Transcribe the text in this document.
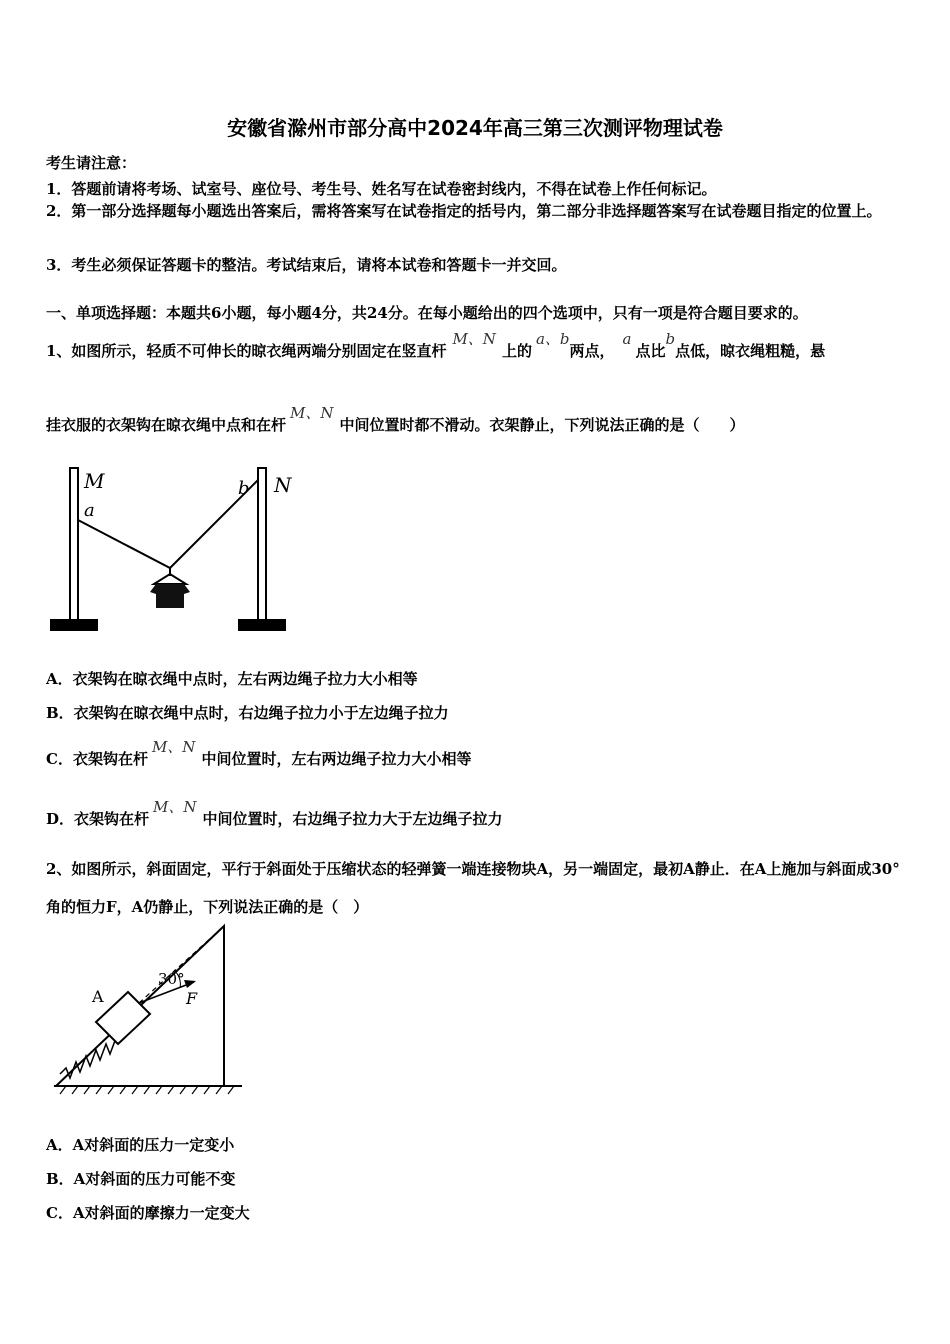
安徽省滁州市部分高中2024年高三第三次测评物理试卷
考生请注意：
1．答题前请将考场、试室号、座位号、考生号、姓名写在试卷密封线内，不得在试卷上作任何标记。
2．第一部分选择题每小题选出答案后，需将答案写在试卷指定的括号内，第二部分非选择题答案写在试卷题目指定的位置上。
3．考生必须保证答题卡的整洁。考试结束后，请将本试卷和答题卡一并交回。
一、单项选择题：本题共6小题，每小题4分，共24分。在每小题给出的四个选项中，只有一项是符合题目要求的。
1、如图所示，轻质不可伸长的晾衣绳两端分别固定在竖直杆M、N上的a、b两点，a点比b点低，晾衣绳粗糙，悬
挂衣服的衣架钩在晾衣绳中点和在杆M、N中间位置时都不滑动。衣架静止，下列说法正确的是（　　）
M
a
b N
A．衣架钩在晾衣绳中点时，左右两边绳子拉力大小相等
B．衣架钩在晾衣绳中点时，右边绳子拉力小于左边绳子拉力
C．衣架钩在杆M、N中间位置时，左右两边绳子拉力大小相等
D．衣架钩在杆M、N中间位置时，右边绳子拉力大于左边绳子拉力
2、如图所示，斜面固定，平行于斜面处于压缩状态的轻弹簧一端连接物块A，另一端固定，最初A静止．在A上施加与斜面成30°角的恒力F，A仍静止，下列说法正确的是（　）
A
30°
F
A．A对斜面的压力一定变小
B．A对斜面的压力可能不变
C．A对斜面的摩擦力一定变大
